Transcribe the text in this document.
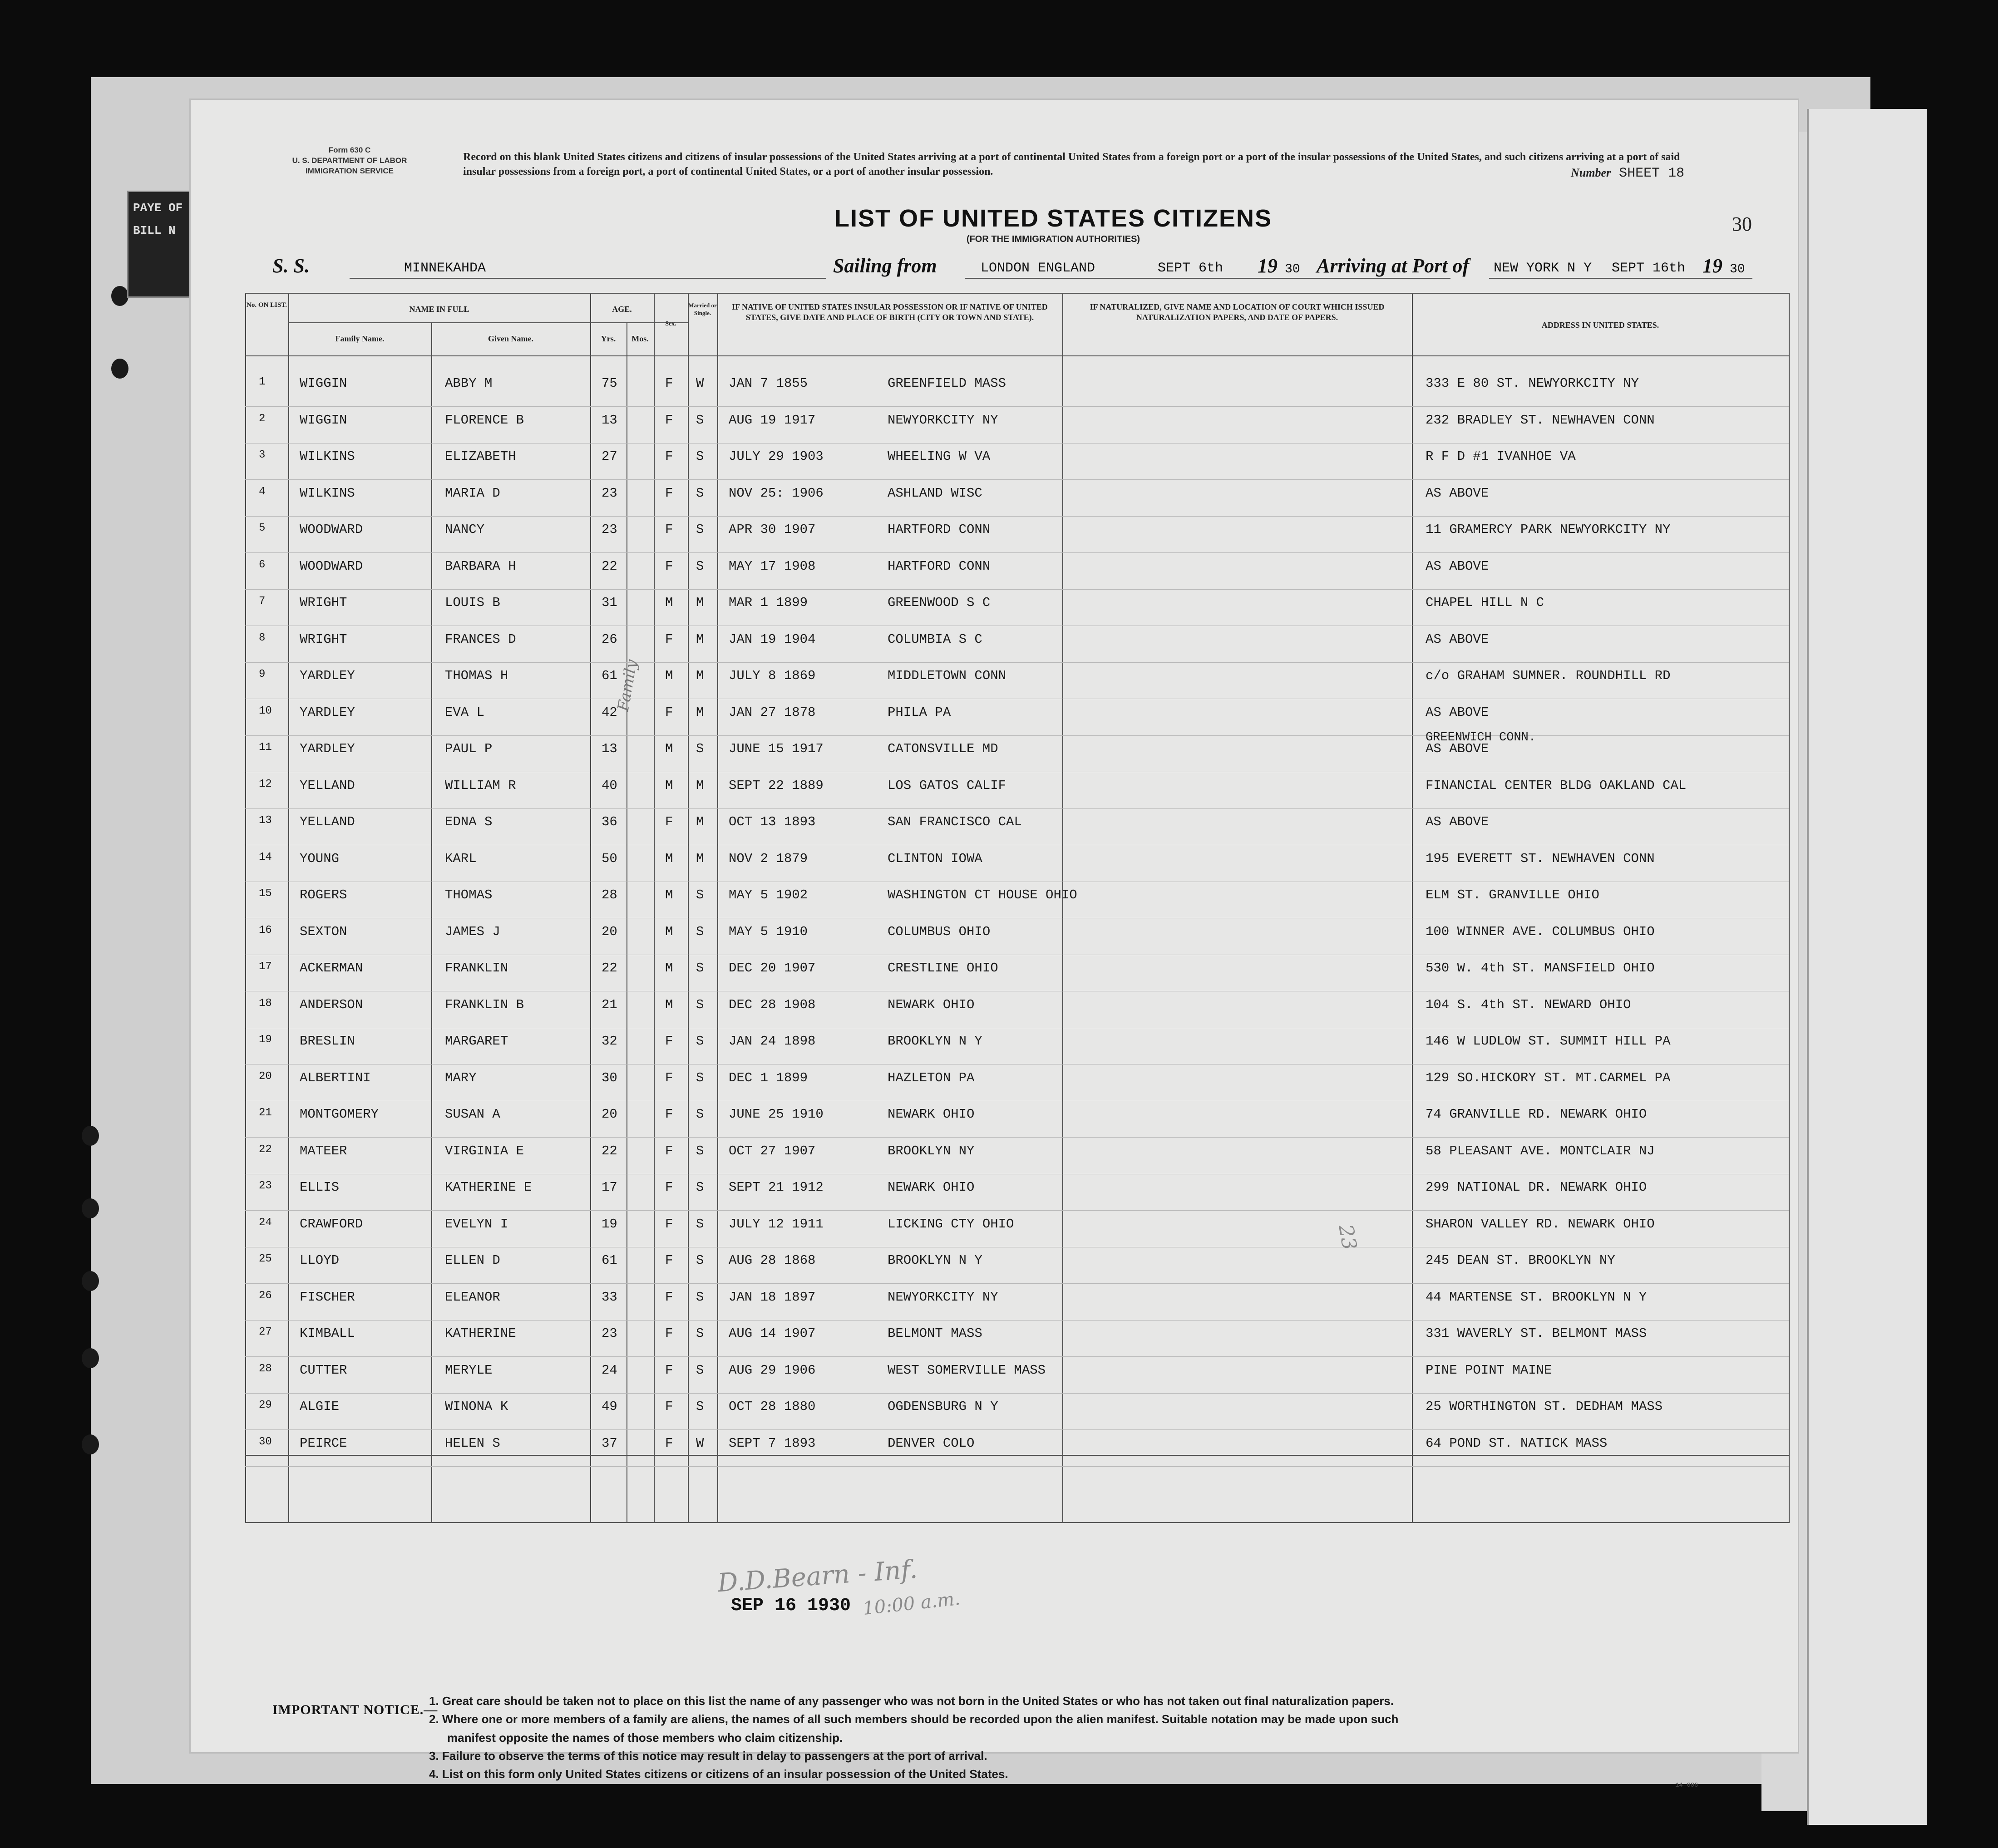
PAYE OF
BILL N
Form 630 C
U. S. DEPARTMENT OF LABOR
IMMIGRATION SERVICE
Record on this blank United States citizens and citizens of insular possessions of the United States arriving at a port of continental United States from a foreign port or a port of the insular possessions of the United States, and such citizens arriving at a port of said insular possessions from a foreign port, a port of continental United States, or a port of another insular possession.	Number SHEET 18
30
LIST OF UNITED STATES CITIZENS
(FOR THE IMMIGRATION AUTHORITIES)
S. S.	MINNEKAHDA	Sailing from	LONDON ENGLAND	SEPT 6th 19 30 Arriving at Port of NEW YORK N Y SEPT 16th 19 30
No. ON LIST.	NAME IN FULL
Family Name.	Given Name.
AGE.
Yrs.	Mos.
Sex.
Married or Single.
IF NATIVE OF UNITED STATES INSULAR POSSESSION OR IF NATIVE OF UNITED STATES, GIVE DATE AND PLACE OF BIRTH (CITY OR TOWN AND STATE).
IF NATURALIZED, GIVE NAME AND LOCATION OF COURT WHICH ISSUED NATURALIZATION PAPERS, AND DATE OF PAPERS.
ADDRESS IN UNITED STATES.
1	WIGGIN	ABBY M	75	F W JAN 7 1855	GREENFIELD MASS	333 E 80 ST. NEWYORKCITY NY
2	WIGGIN	FLORENCE B	13	F S AUG 19 1917	NEWYORKCITY NY	232 BRADLEY ST. NEWHAVEN CONN
3	WILKINS	ELIZABETH	27	F S JULY 29 1903	WHEELING W VA	R F D #1 IVANHOE VA
4	WILKINS	MARIA D	23	F S NOV 25: 1906	ASHLAND WISC	AS ABOVE
5	WOODWARD	NANCY	23	F S APR 30 1907	HARTFORD CONN	11 GRAMERCY PARK NEWYORKCITY NY
6	WOODWARD	BARBARA H	22	F S MAY 17 1908	HARTFORD CONN	AS ABOVE
7	WRIGHT	LOUIS B	31	M M MAR 1 1899	GREENWOOD S C	CHAPEL HILL N C
8	WRIGHT	FRANCES D	26	F M JAN 19 1904	COLUMBIA S C	AS ABOVE
9	YARDLEY	THOMAS H	61	M M JULY 8 1869	MIDDLETOWN CONN	c/o GRAHAM SUMNER. ROUNDHILL RD
10 YARDLEY	EVA L	42	F M JAN 27 1878	PHILA PA	AS ABOVE
11 YARDLEY	PAUL P	13	M S JUNE 15 1917	CATONSVILLE MD	AS ABOVE
12 YELLAND	WILLIAM R	40	M M SEPT 22 1889	LOS GATOS CALIF	FINANCIAL CENTER BLDG OAKLAND CAL
13 YELLAND	EDNA S	36	F M OCT 13 1893	SAN FRANCISCO CAL	AS ABOVE
14 YOUNG	KARL	50	M M NOV 2 1879	CLINTON IOWA	195 EVERETT ST. NEWHAVEN CONN
15 ROGERS	THOMAS	28	M S MAY 5 1902	WASHINGTON CT HOUSE OHIO	ELM ST. GRANVILLE OHIO
16 SEXTON	JAMES J	20	M S MAY 5 1910	COLUMBUS OHIO	100 WINNER AVE. COLUMBUS OHIO
17 ACKERMAN	FRANKLIN	22	M S DEC 20 1907	CRESTLINE OHIO	530 W. 4th ST. MANSFIELD OHIO
18 ANDERSON	FRANKLIN B	21	M S DEC 28 1908	NEWARK OHIO	104 S. 4th ST. NEWARD OHIO
19 BRESLIN	MARGARET	32	F S JAN 24 1898	BROOKLYN N Y	146 W LUDLOW ST. SUMMIT HILL PA
20 ALBERTINI	MARY	30	F S DEC 1 1899	HAZLETON PA	129 SO.HICKORY ST. MT.CARMEL PA
21 MONTGOMERY	SUSAN A	20	F S JUNE 25 1910	NEWARK OHIO	74 GRANVILLE RD. NEWARK OHIO
22 MATEER	VIRGINIA E	22	F S OCT 27 1907	BROOKLYN NY	58 PLEASANT AVE. MONTCLAIR NJ
23 ELLIS	KATHERINE E	17	F S SEPT 21 1912	NEWARK OHIO	299 NATIONAL DR. NEWARK OHIO
24 CRAWFORD	EVELYN I	19	F S JULY 12 1911	LICKING CTY OHIO	SHARON VALLEY RD. NEWARK OHIO
25 LLOYD	ELLEN D	61	F S AUG 28 1868	BROOKLYN N Y	245 DEAN ST. BROOKLYN NY
26 FISCHER	ELEANOR	33	F S JAN 18 1897	NEWYORKCITY NY	44 MARTENSE ST. BROOKLYN N Y
27 KIMBALL	KATHERINE	23	F S AUG 14 1907	BELMONT MASS	331 WAVERLY ST. BELMONT MASS
28 CUTTER	MERYLE	24	F S AUG 29 1906	WEST SOMERVILLE MASS	PINE POINT MAINE
29 ALGIE	WINONA K	49	F S OCT 28 1880	OGDENSBURG N Y	25 WORTHINGTON ST. DEDHAM MASS
30 PEIRCE	HELEN S	37	F W SEPT 7 1893	DENVER COLO	64 POND ST. NATICK MASS
GREENWICH CONN.
D.D.Bearn - Inf.
10:00 a.m.
SEP 16 1930
23
Family
IMPORTANT NOTICE.—
1. Great care should be taken not to place on this list the name of any passenger who was not born in the United States or who has not taken out final naturalization papers.
2. Where one or more members of a family are aliens, the names of all such members should be recorded upon the alien manifest. Suitable notation may be made upon such
manifest opposite the names of those members who claim citizenship.
3. Failure to observe the terms of this notice may result in delay to passengers at the port of arrival.
4. List on this form only United States citizens or citizens of an insular possession of the United States.
14—606
